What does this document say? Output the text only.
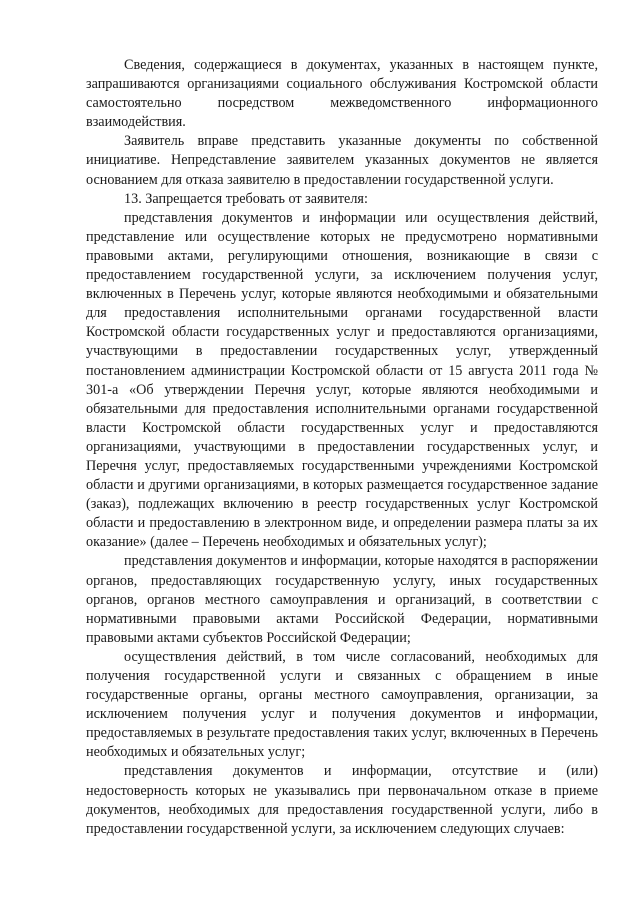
Сведения, содержащиеся в документах, указанных в настоящем пункте, запрашиваются организациями социального обслуживания Костромской области самостоятельно посредством межведомственного информационного взаимодействия.

Заявитель вправе представить указанные документы по собственной инициативе. Непредставление заявителем указанных документов не является основанием для отказа заявителю в предоставлении государственной услуги.

13. Запрещается требовать от заявителя:

представления документов и информации или осуществления действий, представление или осуществление которых не предусмотрено нормативными правовыми актами, регулирующими отношения, возникающие в связи с предоставлением государственной услуги, за исключением получения услуг, включенных в Перечень услуг, которые являются необходимыми и обязательными для предоставления исполнительными органами государственной власти Костромской области государственных услуг и предоставляются организациями, участвующими в предоставлении государственных услуг, утвержденный постановлением администрации Костромской области от 15 августа 2011 года № 301-а «Об утверждении Перечня услуг, которые являются необходимыми и обязательными для предоставления исполнительными органами государственной власти Костромской области государственных услуг и предоставляются организациями, участвующими в предоставлении государственных услуг, и Перечня услуг, предоставляемых государственными учреждениями Костромской области и другими организациями, в которых размещается государственное задание (заказ), подлежащих включению в реестр государственных услуг Костромской области и предоставлению в электронном виде, и определении размера платы за их оказание» (далее – Перечень необходимых и обязательных услуг);

представления документов и информации, которые находятся в распоряжении органов, предоставляющих государственную услугу, иных государственных органов, органов местного самоуправления и организаций, в соответствии с нормативными правовыми актами Российской Федерации, нормативными правовыми актами субъектов Российской Федерации;

осуществления действий, в том числе согласований, необходимых для получения государственной услуги и связанных с обращением в иные государственные органы, органы местного самоуправления, организации, за исключением получения услуг и получения документов и информации, предоставляемых в результате предоставления таких услуг, включенных в Перечень необходимых и обязательных услуг;

представления документов и информации, отсутствие и (или) недостоверность которых не указывались при первоначальном отказе в приеме документов, необходимых для предоставления государственной услуги, либо в предоставлении государственной услуги, за исключением следующих случаев:
